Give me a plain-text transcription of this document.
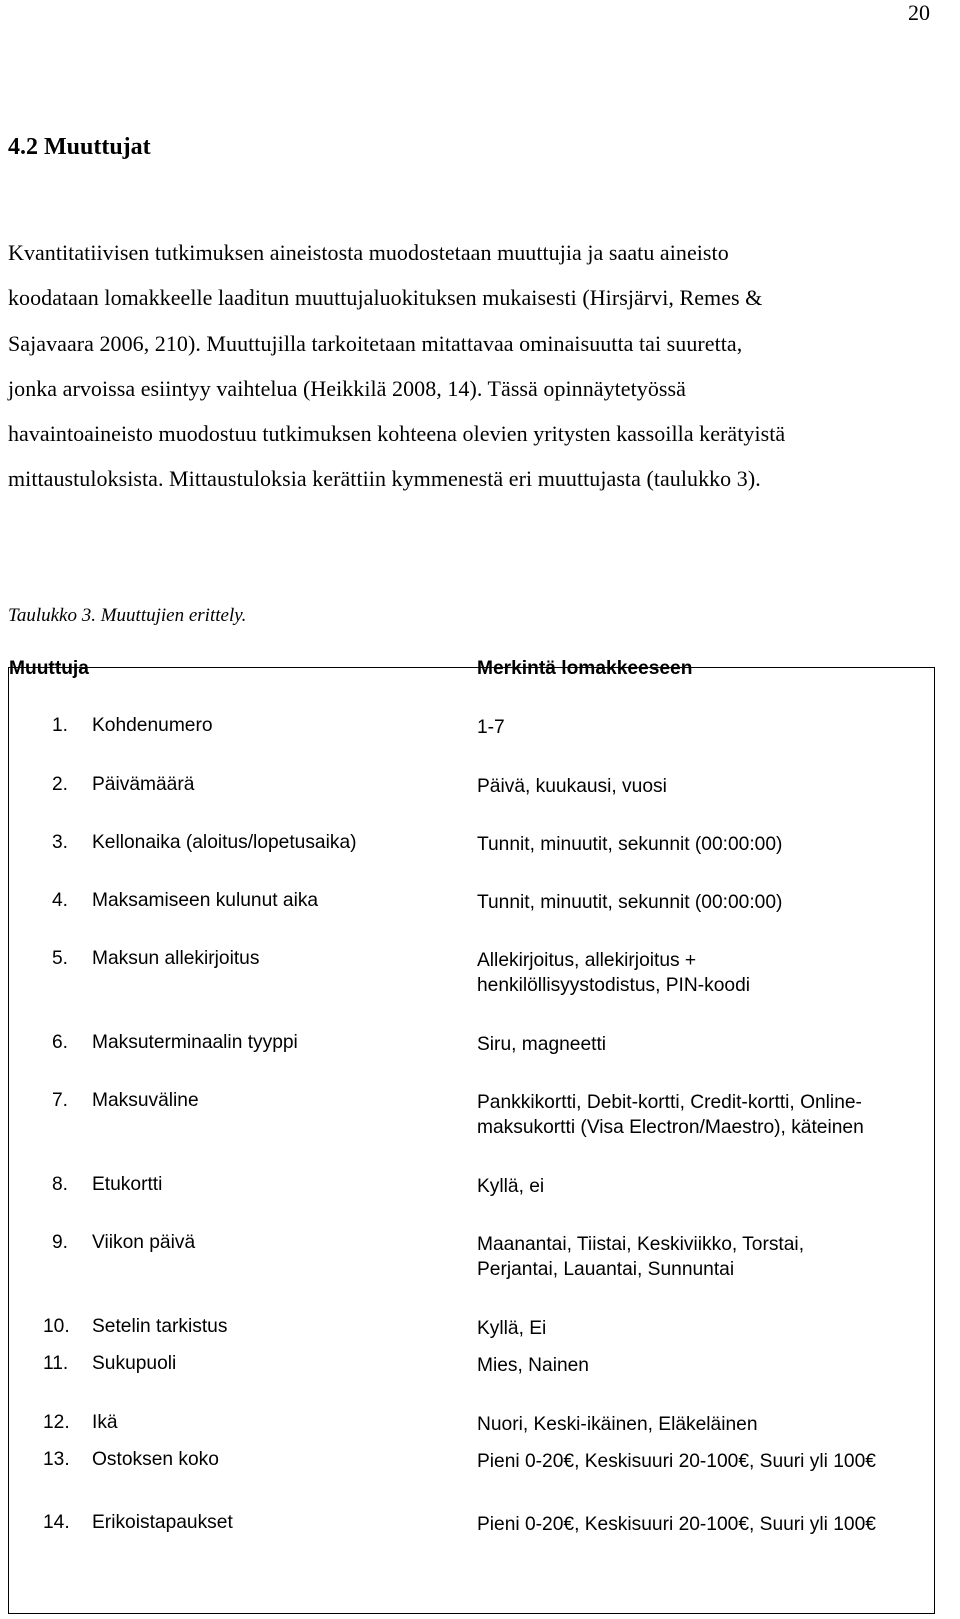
20
4.2 Muuttujat
Kvantitatiivisen tutkimuksen aineistosta muodostetaan muuttujia ja saatu aineisto
koodataan lomakkeelle laaditun muuttujaluokituksen mukaisesti (Hirsjärvi, Remes &
Sajavaara 2006, 210). Muuttujilla tarkoitetaan mitattavaa ominaisuutta tai suuretta,
jonka arvoissa esiintyy vaihtelua (Heikkilä 2008, 14). Tässä opinnäytetyössä
havaintoaineisto muodostuu tutkimuksen kohteena olevien yritysten kassoilla kerätyistä
mittaustuloksista. Mittaustuloksia kerättiin kymmenestä eri muuttujasta (taulukko 3).
Taulukko 3. Muuttujien erittely.
Muuttuja	Merkintä lomakkeeseen
1. Kohdenumero	1-7
2. Päivämäärä	Päivä, kuukausi, vuosi
3. Kellonaika (aloitus/lopetusaika)	Tunnit, minuutit, sekunnit (00:00:00)
4. Maksamiseen kulunut aika	Tunnit, minuutit, sekunnit (00:00:00)
5. Maksun allekirjoitus	Allekirjoitus, allekirjoitus + henkilöllisyystodistus, PIN-koodi
6. Maksuterminaalin tyyppi	Siru, magneetti
7. Maksuväline	Pankkikortti, Debit-kortti, Credit-kortti, Online-maksukortti (Visa Electron/Maestro), käteinen
8. Etukortti	Kyllä, ei
9. Viikon päivä	Maanantai, Tiistai, Keskiviikko, Torstai, Perjantai, Lauantai, Sunnuntai
10. Setelin tarkistus	Kyllä, Ei
11. Sukupuoli	Mies, Nainen
12. Ikä	Nuori, Keski-ikäinen, Eläkeläinen
13. Ostoksen koko	Pieni 0-20€, Keskisuuri 20-100€, Suuri yli 100€
14. Erikoistapaukset	Pieni 0-20€, Keskisuuri 20-100€, Suuri yli 100€
